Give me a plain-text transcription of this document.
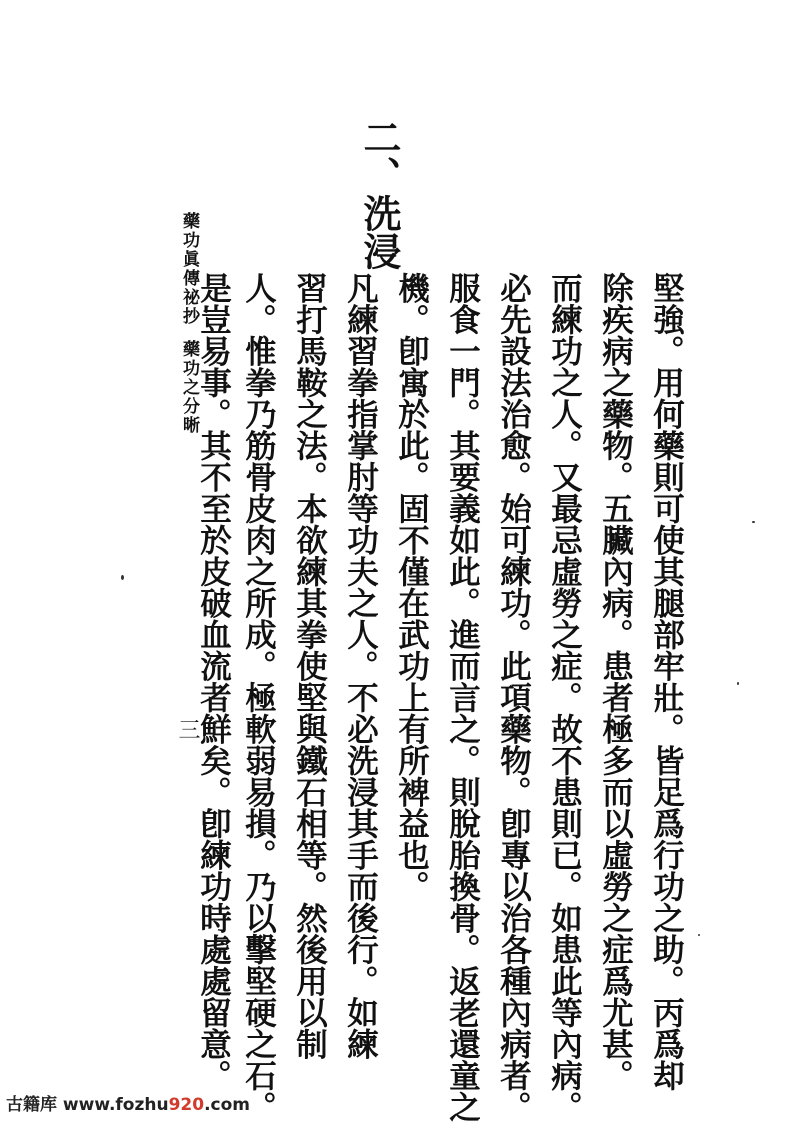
二、洗浸
堅強。用何藥則可使其腿部牢壯。皆足爲行功之助。丙爲却
除疾病之藥物。五臟內病。患者極多而以虛勞之症爲尤甚。
而練功之人。又最忌虛勞之症。故不患則已。如患此等內病。
必先設法治愈。始可練功。此項藥物。卽專以治各種內病者。
服食一門。其要義如此。進而言之。則脫胎換骨。返老還童之
機。卽寓於此。固不僅在武功上有所裨益也。
凡練習拳指掌肘等功夫之人。不必洗浸其手而後行。如練
習打馬鞍之法。本欲練其拳使堅與鐵石相等。然後用以制
人。惟拳乃筋骨皮肉之所成。極軟弱易損。乃以擊堅硬之石。
是豈易事。其不至於皮破血流者鮮矣。卽練功時處處留意。
藥功眞傳祕抄
藥功之分晰
三
古籍库 www.fozhu920.com
